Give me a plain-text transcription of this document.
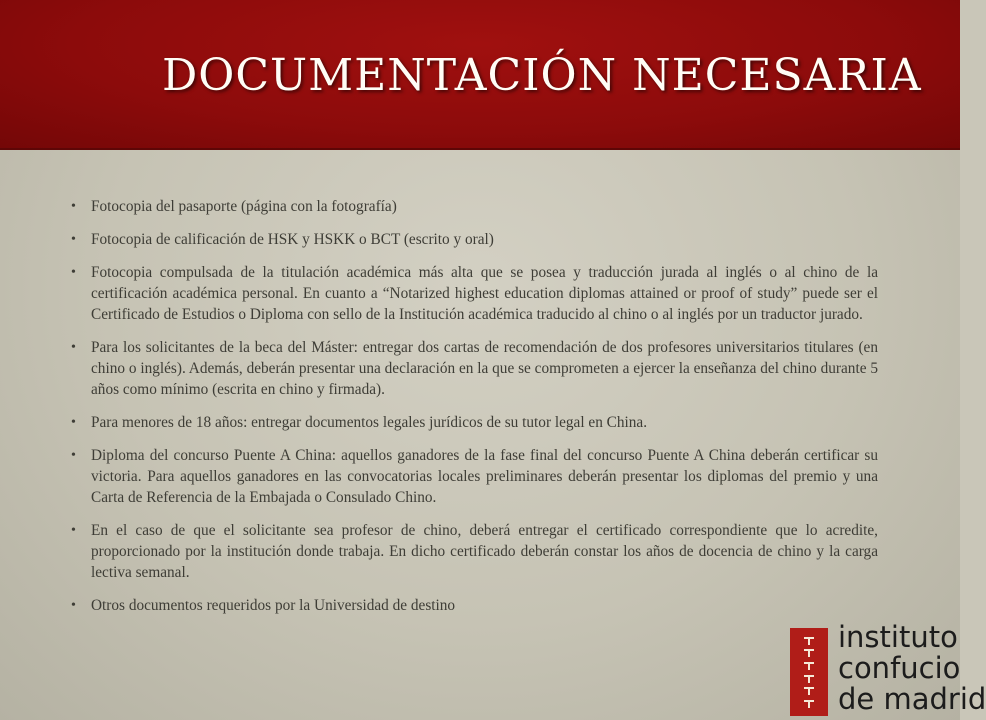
DOCUMENTACIÓN NECESARIA
• Fotocopia del pasaporte (página con la fotografía)
• Fotocopia de calificación de HSK y HSKK o BCT (escrito y oral)
• Fotocopia compulsada de la titulación académica más alta que se posea y traducción jurada al inglés o al chino de la certificación académica personal. En cuanto a “Notarized highest education diplomas attained or proof of study” puede ser el Certificado de Estudios o Diploma con sello de la Institución académica traducido al chino o al inglés por un traductor jurado.
• Para los solicitantes de la beca del Máster: entregar dos cartas de recomendación de dos profesores universitarios titulares (en chino o inglés). Además, deberán presentar una declaración en la que se comprometen a ejercer la enseñanza del chino durante 5 años como mínimo (escrita en chino y firmada).
• Para menores de 18 años: entregar documentos legales jurídicos de su tutor legal en China.
• Diploma del concurso Puente A China: aquellos ganadores de la fase final del concurso Puente A China deberán certificar su victoria. Para aquellos ganadores en las convocatorias locales preliminares deberán presentar los diplomas del premio y una Carta de Referencia de la Embajada o Consulado Chino.
• En el caso de que el solicitante sea profesor de chino, deberá entregar el certificado correspondiente que lo acredite, proporcionado por la institución donde trabaja. En dicho certificado deberán constar los años de docencia de chino y la carga lectiva semanal.
• Otros documentos requeridos por la Universidad de destino
instituto
confucio
de madrid
